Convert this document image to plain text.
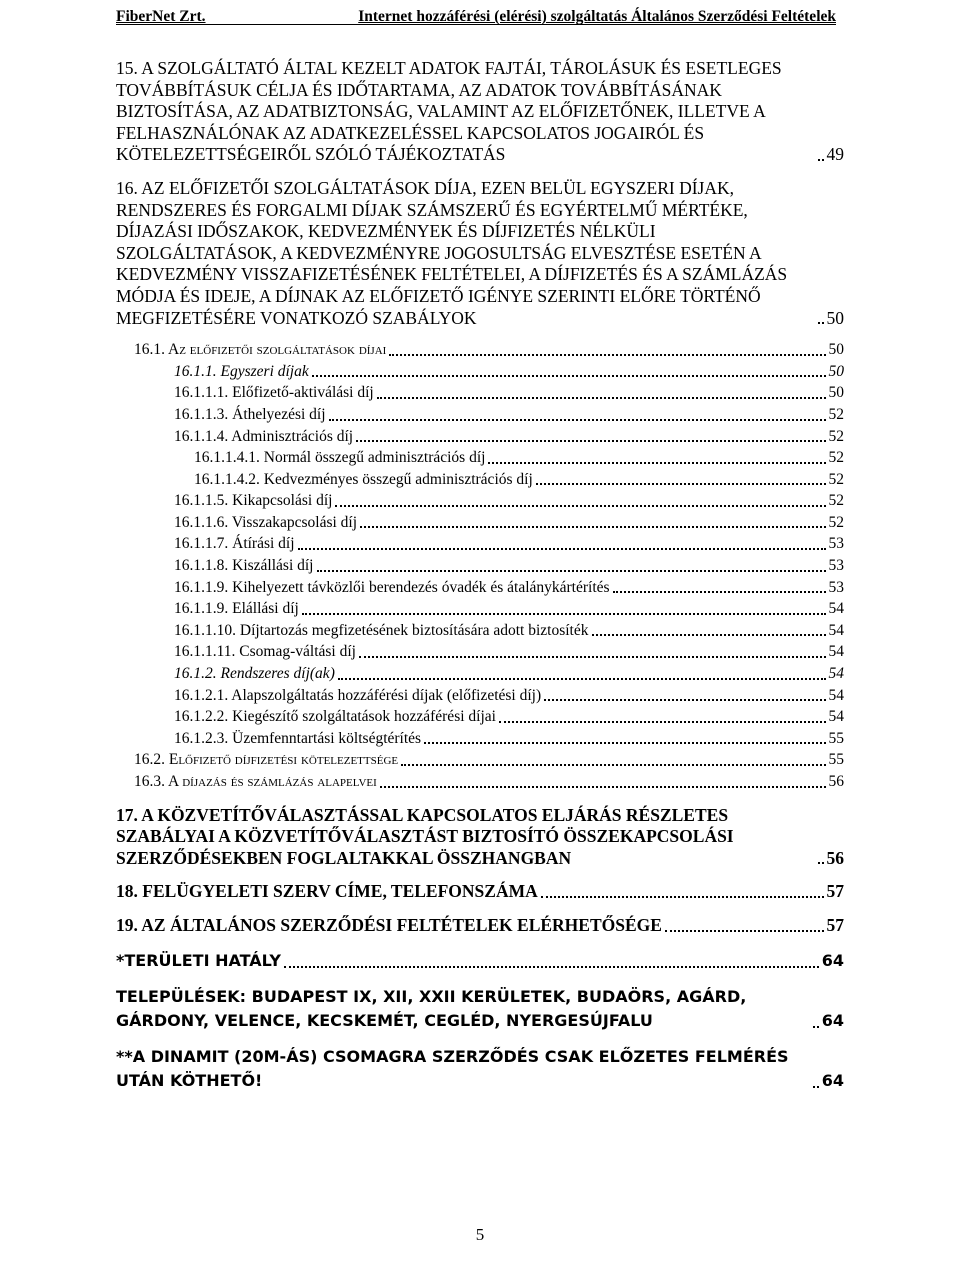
FiberNet Zrt.	Internet hozzáférési (elérési) szolgáltatás Általános Szerződési Feltételek
15. A SZOLGÁLTATÓ ÁLTAL KEZELT ADATOK FAJTÁI, TÁROLÁSUK ÉS ESETLEGES TOVÁBBÍTÁSUK CÉLJA ÉS IDŐTARTAMA, AZ ADATOK TOVÁBBÍTÁSÁNAK BIZTOSÍTÁSA, AZ ADATBIZTONSÁG, VALAMINT AZ ELŐFIZETŐNEK, ILLETVE A FELHASZNÁLÓNAK AZ ADATKEZELÉSSEL KAPCSOLATOS JOGAIRÓL ÉS KÖTELEZETTSÉGEIRŐL SZÓLÓ TÁJÉKOZTATÁS	49
16. AZ ELŐFIZETŐI SZOLGÁLTATÁSOK DÍJA, EZEN BELÜL EGYSZERI DÍJAK, RENDSZERES ÉS FORGALMI DÍJAK SZÁMSZERŰ ÉS EGYÉRTELMŰ MÉRTÉKE, DÍJAZÁSI IDŐSZAKOK, KEDVEZMÉNYEK ÉS DÍJFIZETÉS NÉLKÜLI SZOLGÁLTATÁSOK, A KEDVEZMÉNYRE JOGOSULTSÁG ELVESZTÉSE ESETÉN A KEDVEZMÉNY VISSZAFIZETÉSÉNEK FELTÉTELEI, A DÍJFIZETÉS ÉS A SZÁMLÁZÁS MÓDJA ÉS IDEJE, A DÍJNAK AZ ELŐFIZETŐ IGÉNYE SZERINTI ELŐRE TÖRTÉNŐ MEGFIZETÉSÉRE VONATKOZÓ SZABÁLYOK	50
16.1. Az előfizetői szolgáltatások díjai	50
16.1.1. Egyszeri díjak	50
16.1.1.1. Előfizető-aktiválási díj	50
16.1.1.3. Áthelyezési díj	52
16.1.1.4. Adminisztrációs díj	52
16.1.1.4.1. Normál összegű adminisztrációs díj	52
16.1.1.4.2. Kedvezményes összegű adminisztrációs díj	52
16.1.1.5. Kikapcsolási díj	52
16.1.1.6. Visszakapcsolási díj	52
16.1.1.7. Átírási díj	53
16.1.1.8. Kiszállási díj	53
16.1.1.9. Kihelyezett távközlői berendezés óvadék és átalánykártérítés	53
16.1.1.9. Elállási díj	54
16.1.1.10. Díjtartozás megfizetésének biztosítására adott biztosíték	54
16.1.1.11. Csomag-váltási díj	54
16.1.2. Rendszeres díj(ak)	54
16.1.2.1. Alapszolgáltatás hozzáférési díjak (előfizetési díj)	54
16.1.2.2. Kiegészítő szolgáltatások hozzáférési díjai	54
16.1.2.3. Üzemfenntartási költségtérítés	55
16.2. Előfizető díjfizetési kötelezettsége	55
16.3. A díjazás és számlázás alapelvei	56
17. A KÖZVETÍTŐVÁLASZTÁSSAL KAPCSOLATOS ELJÁRÁS RÉSZLETES SZABÁLYAI A KÖZVETÍTŐVÁLASZTÁST BIZTOSÍTÓ ÖSSZEKAPCSOLÁSI SZERZŐDÉSEKBEN FOGLALTAKKAL ÖSSZHANGBAN	56
18. FELÜGYELETI SZERV CÍME, TELEFONSZÁMA	57
19. AZ ÁLTALÁNOS SZERZŐDÉSI FELTÉTELEK ELÉRHETŐSÉGE	57
*TERÜLETI HATÁLY	64
TELEPÜLÉSEK: BUDAPEST IX, XII, XXII KERÜLETEK, BUDAÖRS, AGÁRD, GÁRDONY, VELENCE, KECSKEMÉT, CEGLÉD, NYERGESÚJFALU	64
**A DINAMIT (20M-ÁS) CSOMAGRA SZERZŐDÉS CSAK ELŐZETES FELMÉRÉS UTÁN KÖTHETŐ!	64
5
